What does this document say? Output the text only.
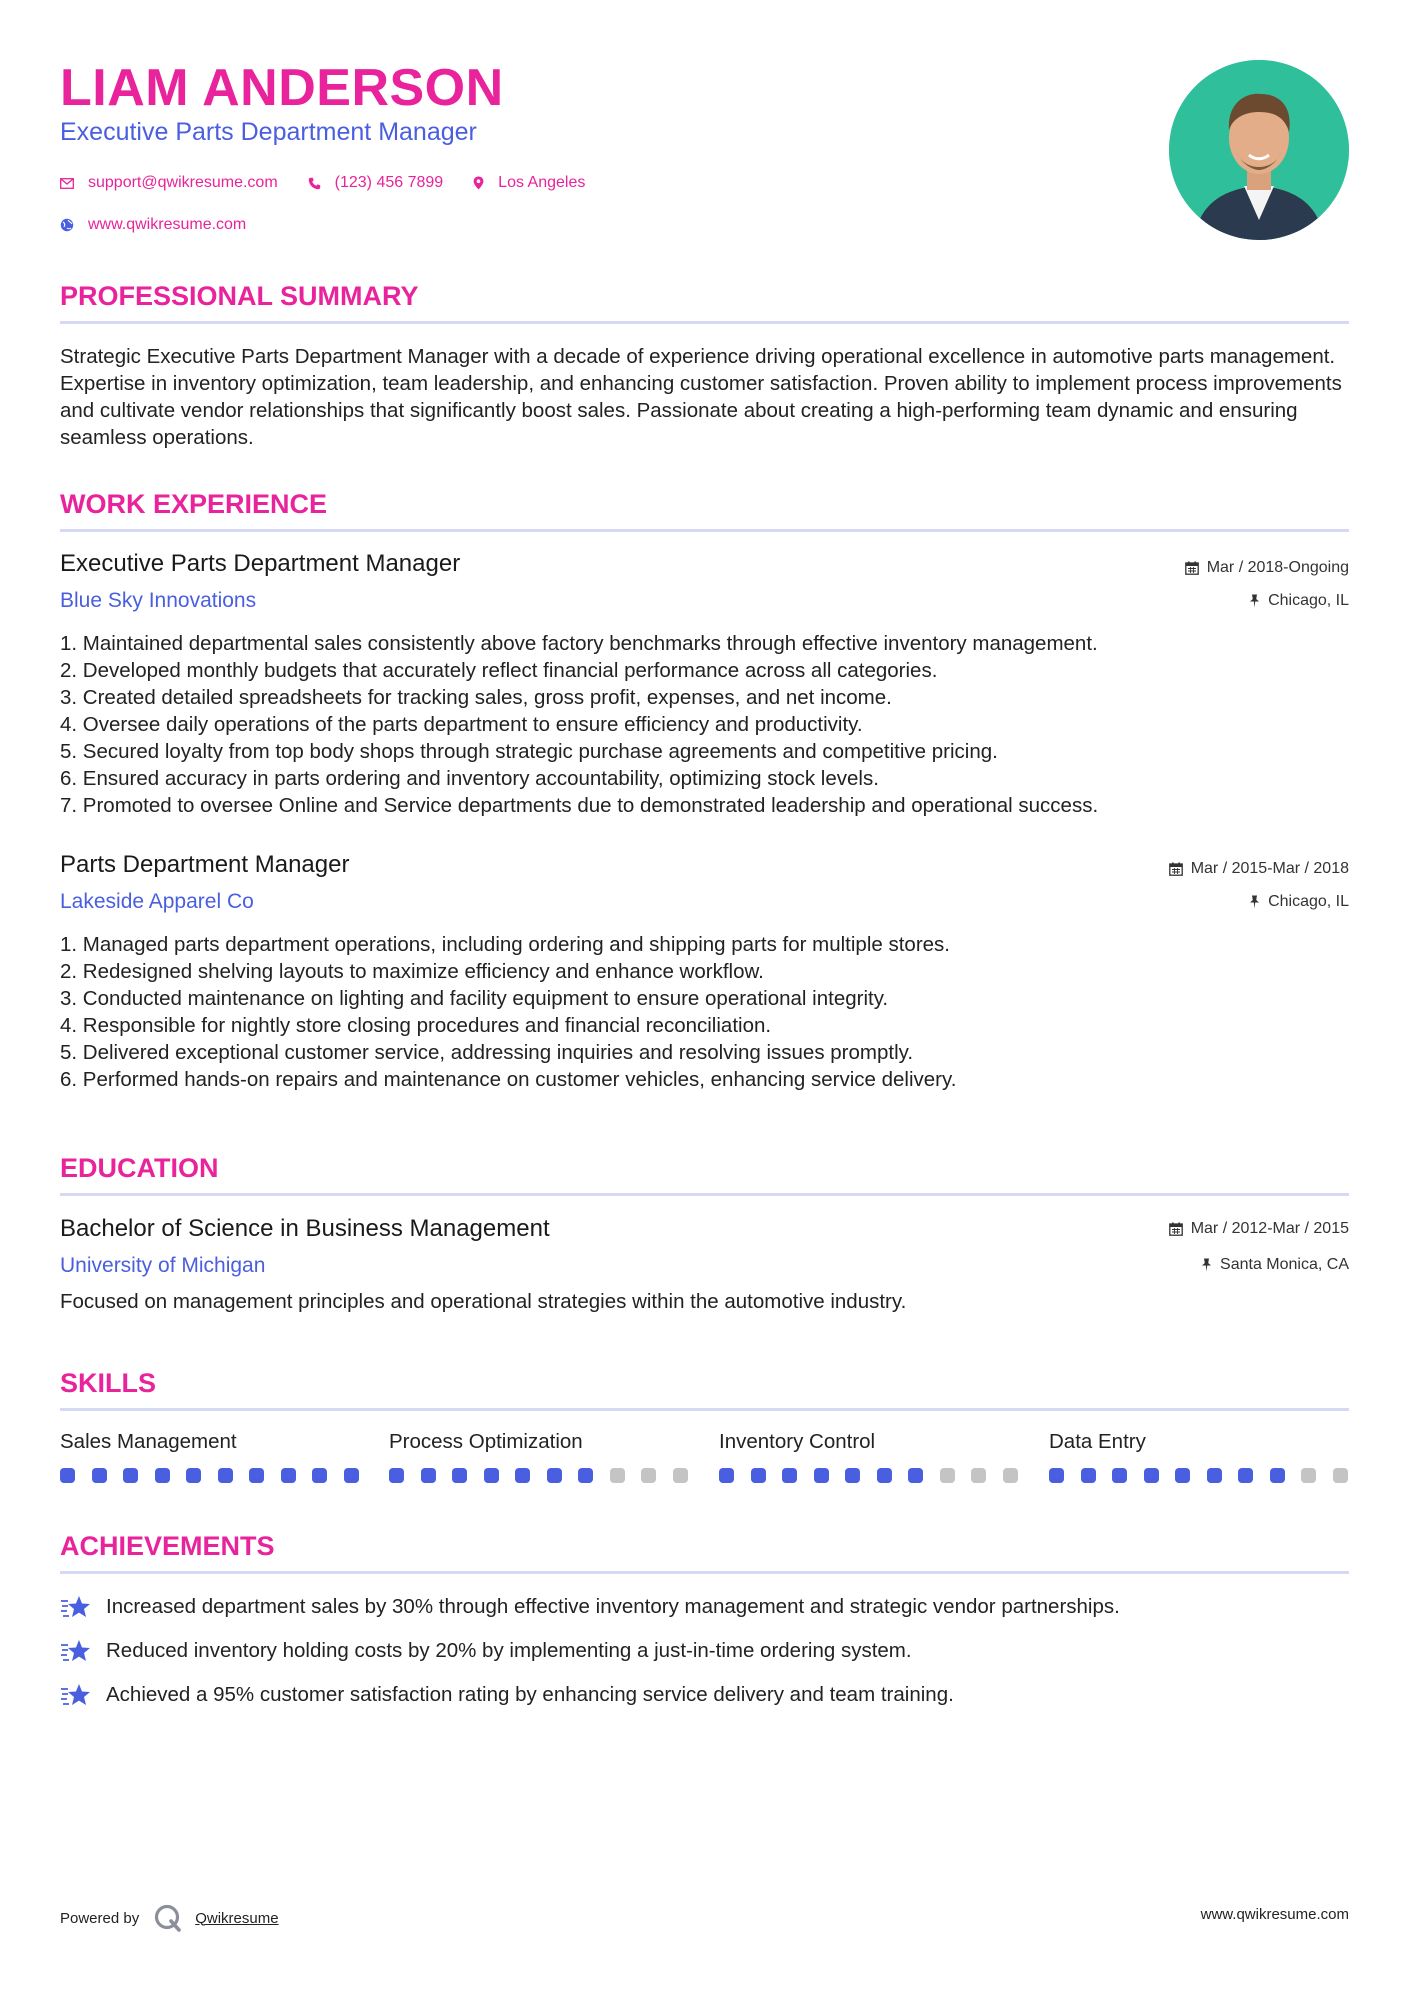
LIAM ANDERSON
Executive Parts Department Manager
support@qwikresume.com	(123) 456 7899	Los Angeles
www.qwikresume.com
PROFESSIONAL SUMMARY
Strategic Executive Parts Department Manager with a decade of experience driving operational excellence in automotive parts management. Expertise in inventory optimization, team leadership, and enhancing customer satisfaction. Proven ability to implement process improvements and cultivate vendor relationships that significantly boost sales. Passionate about creating a high-performing team dynamic and ensuring seamless operations.
WORK EXPERIENCE
Executive Parts Department Manager
Blue Sky Innovations
Mar / 2018-Ongoing
Chicago, IL
1. Maintained departmental sales consistently above factory benchmarks through effective inventory management.
2. Developed monthly budgets that accurately reflect financial performance across all categories.
3. Created detailed spreadsheets for tracking sales, gross profit, expenses, and net income.
4. Oversee daily operations of the parts department to ensure efficiency and productivity.
5. Secured loyalty from top body shops through strategic purchase agreements and competitive pricing.
6. Ensured accuracy in parts ordering and inventory accountability, optimizing stock levels.
7. Promoted to oversee Online and Service departments due to demonstrated leadership and operational success.
Parts Department Manager
Lakeside Apparel Co
Mar / 2015-Mar / 2018
Chicago, IL
1. Managed parts department operations, including ordering and shipping parts for multiple stores.
2. Redesigned shelving layouts to maximize efficiency and enhance workflow.
3. Conducted maintenance on lighting and facility equipment to ensure operational integrity.
4. Responsible for nightly store closing procedures and financial reconciliation.
5. Delivered exceptional customer service, addressing inquiries and resolving issues promptly.
6. Performed hands-on repairs and maintenance on customer vehicles, enhancing service delivery.
EDUCATION
Bachelor of Science in Business Management
University of Michigan
Mar / 2012-Mar / 2015
Santa Monica, CA
Focused on management principles and operational strategies within the automotive industry.
SKILLS
Sales Management	Process Optimization	Inventory Control	Data Entry
ACHIEVEMENTS
Increased department sales by 30% through effective inventory management and strategic vendor partnerships.
Reduced inventory holding costs by 20% by implementing a just-in-time ordering system.
Achieved a 95% customer satisfaction rating by enhancing service delivery and team training.
Powered by	Qwikresume	www.qwikresume.com
